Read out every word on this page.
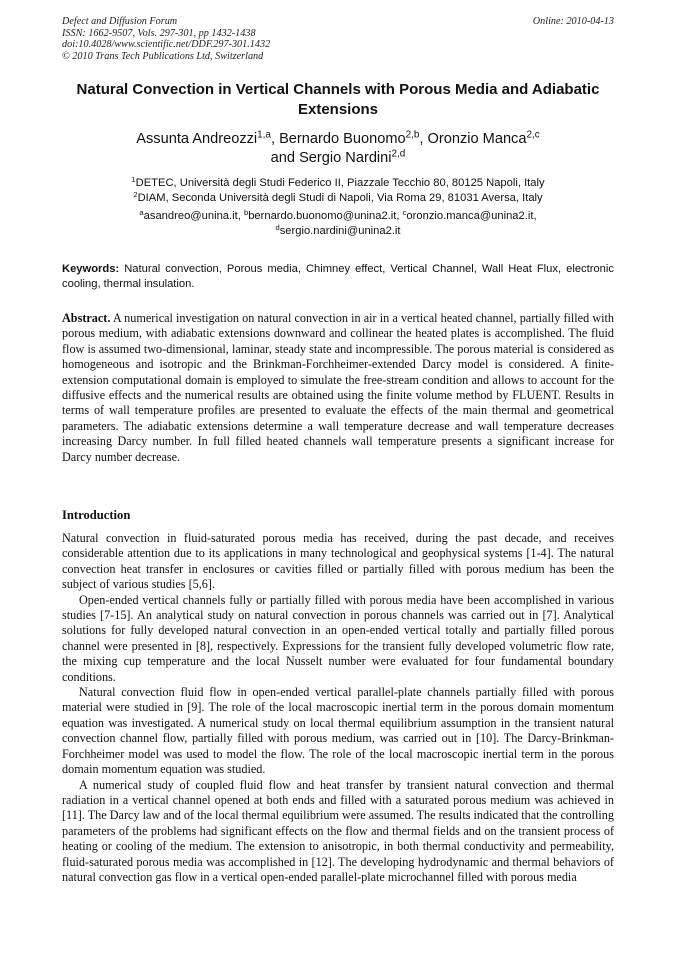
Defect and Diffusion Forum
ISSN: 1662-9507, Vols. 297-301, pp 1432-1438
doi:10.4028/www.scientific.net/DDF.297-301.1432
© 2010 Trans Tech Publications Ltd, Switzerland
Online: 2010-04-13
Natural Convection in Vertical Channels with Porous Media and Adiabatic Extensions
Assunta Andreozzi$^{1,a}$, Bernardo Buonomo$^{2,b}$, Oronzio Manca$^{2,c}$
and Sergio Nardini$^{2,d}$
$^1$DETEC, Università degli Studi Federico II, Piazzale Tecchio 80, 80125 Napoli, Italy
$^2$DIAM, Seconda Università degli Studi di Napoli, Via Roma 29, 81031 Aversa, Italy
$^a$asandreo@unina.it, $^b$bernardo.buonomo@unina2.it, $^c$oronzio.manca@unina2.it,
$^d$sergio.nardini@unina2.it
Keywords: Natural convection, Porous media, Chimney effect, Vertical Channel, Wall Heat Flux, electronic cooling, thermal insulation.
Abstract. A numerical investigation on natural convection in air in a vertical heated channel, partially filled with porous medium, with adiabatic extensions downward and collinear the heated plates is accomplished. The fluid flow is assumed two-dimensional, laminar, steady state and incompressible. The porous material is considered as homogeneous and isotropic and the Brinkman-Forchheimer-extended Darcy model is considered. A finite-extension computational domain is employed to simulate the free-stream condition and allows to account for the diffusive effects and the numerical results are obtained using the finite volume method by FLUENT. Results in terms of wall temperature profiles are presented to evaluate the effects of the main thermal and geometrical parameters. The adiabatic extensions determine a wall temperature decrease and wall temperature decreases increasing Darcy number. In full filled heated channels wall temperature presents a significant increase for Darcy number decrease.
Introduction

Natural convection in fluid-saturated porous media has received, during the past decade, and receives considerable attention due to its applications in many technological and geophysical systems [1-4]. The natural convection heat transfer in enclosures or cavities filled or partially filled with porous medium has been the subject of various studies [5,6].

Open-ended vertical channels fully or partially filled with porous media have been accomplished in various studies [7-15]. An analytical study on natural convection in porous channels was carried out in [7]. Analytical solutions for fully developed natural convection in an open-ended vertical totally and partially filled porous channel were presented in [8], respectively. Expressions for the transient fully developed volumetric flow rate, the mixing cup temperature and the local Nusselt number were evaluated for four fundamental boundary conditions.

Natural convection fluid flow in open-ended vertical parallel-plate channels partially filled with porous material were studied in [9]. The role of the local macroscopic inertial term in the porous domain momentum equation was investigated. A numerical study on local thermal equilibrium assumption in the transient natural convection channel flow, partially filled with porous medium, was carried out in [10]. The Darcy-Brinkman-Forchheimer model was used to model the flow. The role of the local macroscopic inertial term in the porous domain momentum equation was studied.

A numerical study of coupled fluid flow and heat transfer by transient natural convection and thermal radiation in a vertical channel opened at both ends and filled with a saturated porous medium was achieved in [11]. The Darcy law and of the local thermal equilibrium were assumed. The results indicated that the controlling parameters of the problems had significant effects on the flow and thermal fields and on the transient process of heating or cooling of the medium. The extension to anisotropic, in both thermal conductivity and permeability, fluid-saturated porous media was accomplished in [12]. The developing hydrodynamic and thermal behaviors of natural convection gas flow in a vertical open-ended parallel-plate microchannel filled with porous media
